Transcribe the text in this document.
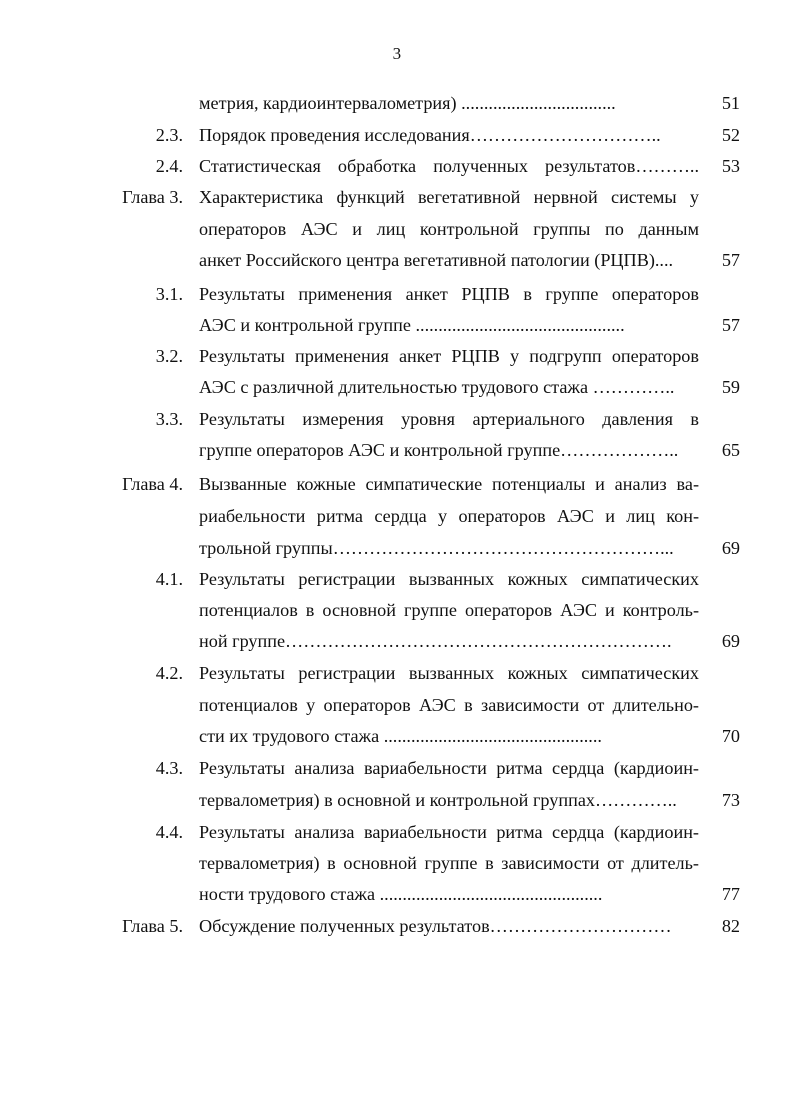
3
метрия, кардиоинтервалометрия) ..................................	51
2.3. Порядок проведения исследования…………………………..	52
2.4. Статистическая обработка полученных результатов………..	53
Глава 3. Характеристика функций вегетативной нервной системы у
операторов АЭС и лиц контрольной группы по данным
анкет Российского центра вегетативной патологии (РЦПВ)....	57
3.1. Результаты применения анкет РЦПВ в группе операторов
АЭС и контрольной группе ..............................................	57
3.2. Результаты применения анкет РЦПВ у подгрупп операторов
АЭС с различной длительностью трудового стажа …………..	59
3.3. Результаты измерения уровня артериального давления в
группе операторов АЭС и контрольной группе………………..	65
Глава 4. Вызванные кожные симпатические потенциалы и анализ ва-
риабельности ритма сердца у операторов АЭС и лиц кон-
трольной группы………………………………………………...	69
4.1. Результаты регистрации вызванных кожных симпатических
потенциалов в основной группе операторов АЭС и контроль-
ной группе……………………………………………………….	69
4.2. Результаты регистрации вызванных кожных симпатических
потенциалов у операторов АЭС в зависимости от длительно-
сти их трудового стажа ................................................	70
4.3. Результаты анализа вариабельности ритма сердца (кардиоин-
тервалометрия) в основной и контрольной группах…………..	73
4.4. Результаты анализа вариабельности ритма сердца (кардиоин-
тервалометрия) в основной группе в зависимости от длитель-
ности трудового стажа .................................................	77
Глава 5. Обсуждение полученных результатов…………………………	82
